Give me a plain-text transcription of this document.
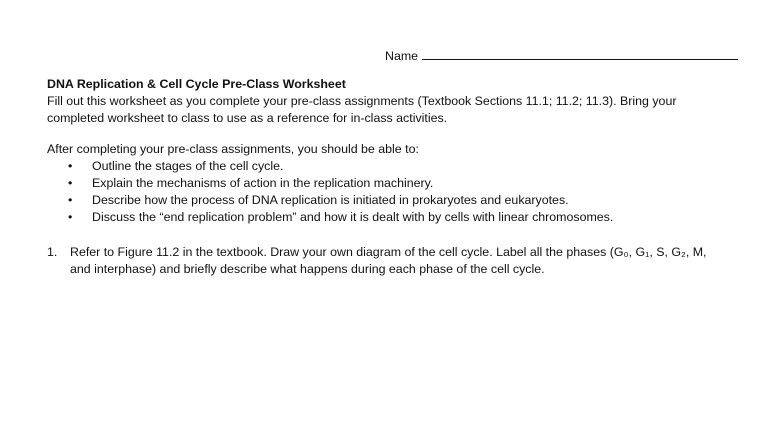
Name
DNA Replication & Cell Cycle Pre-Class Worksheet

Fill out this worksheet as you complete your pre-class assignments (Textbook Sections 11.1; 11.2; 11.3). Bring your

completed worksheet to class to use as a reference for in-class activities.

After completing your pre-class assignments, you should be able to:
• Outline the stages of the cell cycle.
• Explain the mechanisms of action in the replication machinery.
• Describe how the process of DNA replication is initiated in prokaryotes and eukaryotes.
• Discuss the “end replication problem” and how it is dealt with by cells with linear chromosomes.
1. Refer to Figure 11.2 in the textbook. Draw your own diagram of the cell cycle. Label all the phases (G₀, G₁, S, G₂, M,

and interphase) and briefly describe what happens during each phase of the cell cycle.
